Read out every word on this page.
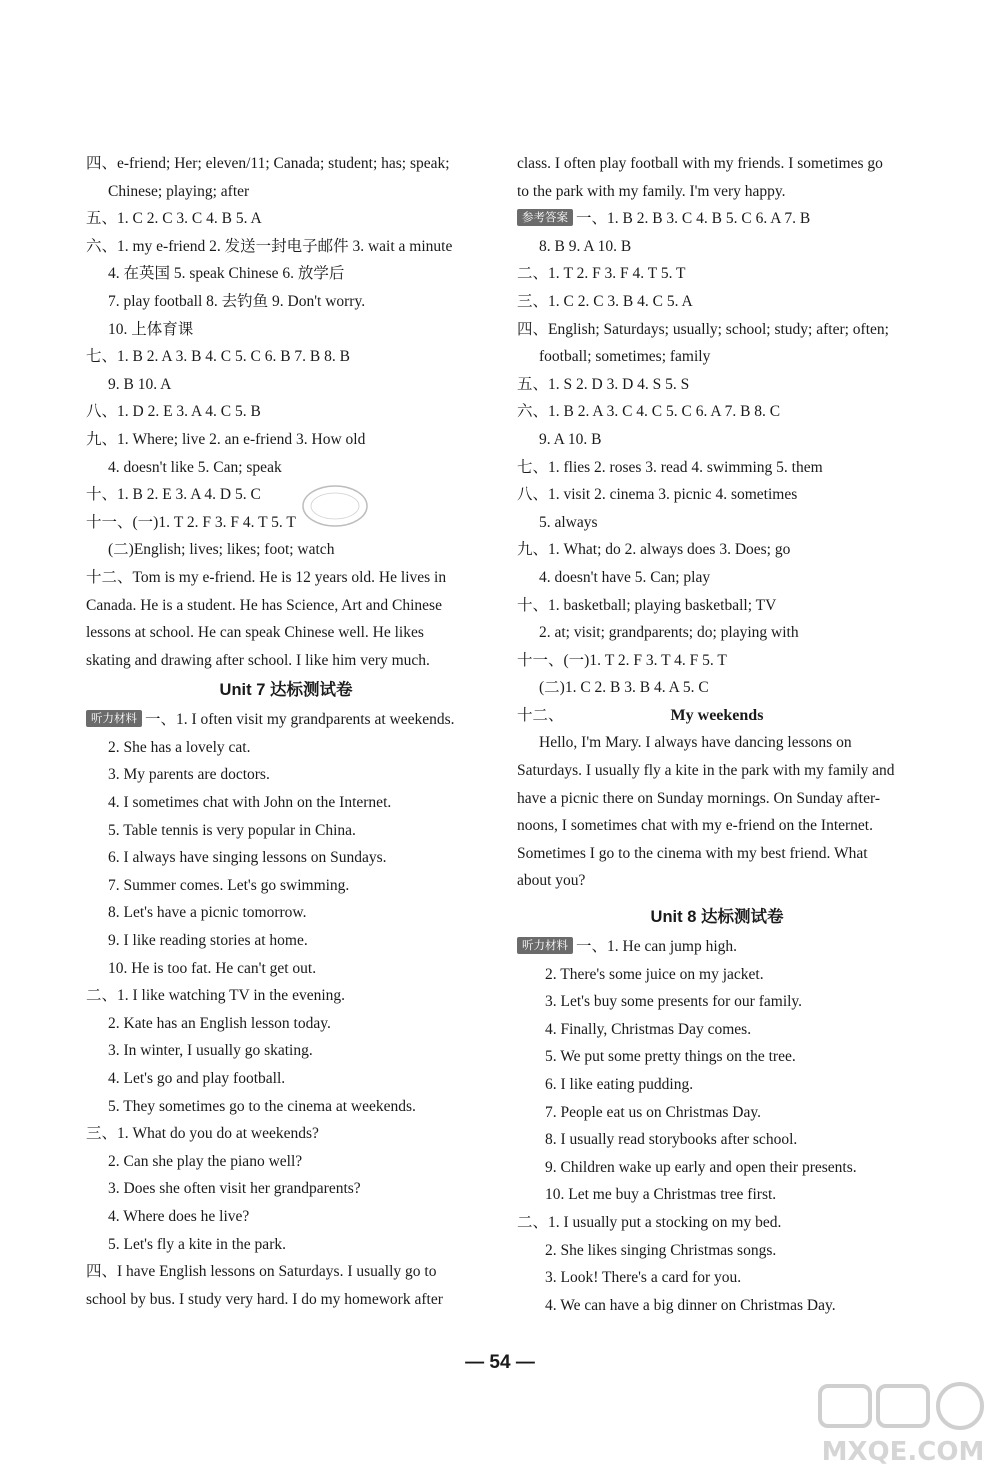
四、e-friend; Her; eleven/11; Canada; student; has; speak;
Chinese; playing; after
五、1. C 2. C 3. C 4. B 5. A
六、1. my e-friend 2. 发送一封电子邮件 3. wait a minute
4. 在英国 5. speak Chinese 6. 放学后
7. play football 8. 去钓鱼 9. Don't worry.
10. 上体育课
七、1. B 2. A 3. B 4. C 5. C 6. B 7. B 8. B
9. B 10. A
八、1. D 2. E 3. A 4. C 5. B
九、1. Where; live 2. an e-friend 3. How old
4. doesn't like 5. Can; speak
十、1. B 2. E 3. A 4. D 5. C
十一、(一)1. T 2. F 3. F 4. T 5. T
(二)English; lives; likes; foot; watch
十二、Tom is my e-friend. He is 12 years old. He lives in
Canada. He is a student. He has Science, Art and Chinese
lessons at school. He can speak Chinese well. He likes
skating and drawing after school. I like him very much.
Unit 7 达标测试卷
听力材料 一、1. I often visit my grandparents at weekends.
2. She has a lovely cat.
3. My parents are doctors.
4. I sometimes chat with John on the Internet.
5. Table tennis is very popular in China.
6. I always have singing lessons on Sundays.
7. Summer comes. Let's go swimming.
8. Let's have a picnic tomorrow.
9. I like reading stories at home.
10. He is too fat. He can't get out.
二、1. I like watching TV in the evening.
2. Kate has an English lesson today.
3. In winter, I usually go skating.
4. Let's go and play football.
5. They sometimes go to the cinema at weekends.
三、1. What do you do at weekends?
2. Can she play the piano well?
3. Does she often visit her grandparents?
4. Where does he live?
5. Let's fly a kite in the park.
四、I have English lessons on Saturdays. I usually go to
school by bus. I study very hard. I do my homework after
class. I often play football with my friends. I sometimes go
to the park with my family. I'm very happy.
参考答案 一、1. B 2. B 3. C 4. B 5. C 6. A 7. B
8. B 9. A 10. B
二、1. T 2. F 3. F 4. T 5. T
三、1. C 2. C 3. B 4. C 5. A
四、English; Saturdays; usually; school; study; after; often;
football; sometimes; family
五、1. S 2. D 3. D 4. S 5. S
六、1. B 2. A 3. C 4. C 5. C 6. A 7. B 8. C
9. A 10. B
七、1. flies 2. roses 3. read 4. swimming 5. them
八、1. visit 2. cinema 3. picnic 4. sometimes
5. always
九、1. What; do 2. always does 3. Does; go
4. doesn't have 5. Can; play
十、1. basketball; playing basketball; TV
2. at; visit; grandparents; do; playing with
十一、(一)1. T 2. F 3. T 4. F 5. T
(二)1. C 2. B 3. B 4. A 5. C
十二、	My weekends
Hello, I'm Mary. I always have dancing lessons on
Saturdays. I usually fly a kite in the park with my family and
have a picnic there on Sunday mornings. On Sunday after-
noons, I sometimes chat with my e-friend on the Internet.
Sometimes I go to the cinema with my best friend. What
about you?
Unit 8 达标测试卷
听力材料 一、1. He can jump high.
2. There's some juice on my jacket.
3. Let's buy some presents for our family.
4. Finally, Christmas Day comes.
5. We put some pretty things on the tree.
6. I like eating pudding.
7. People eat us on Christmas Day.
8. I usually read storybooks after school.
9. Children wake up early and open their presents.
10. Let me buy a Christmas tree first.
二、1. I usually put a stocking on my bed.
2. She likes singing Christmas songs.
3. Look! There's a card for you.
4. We can have a big dinner on Christmas Day.
— 54 —
MXQE.COM
